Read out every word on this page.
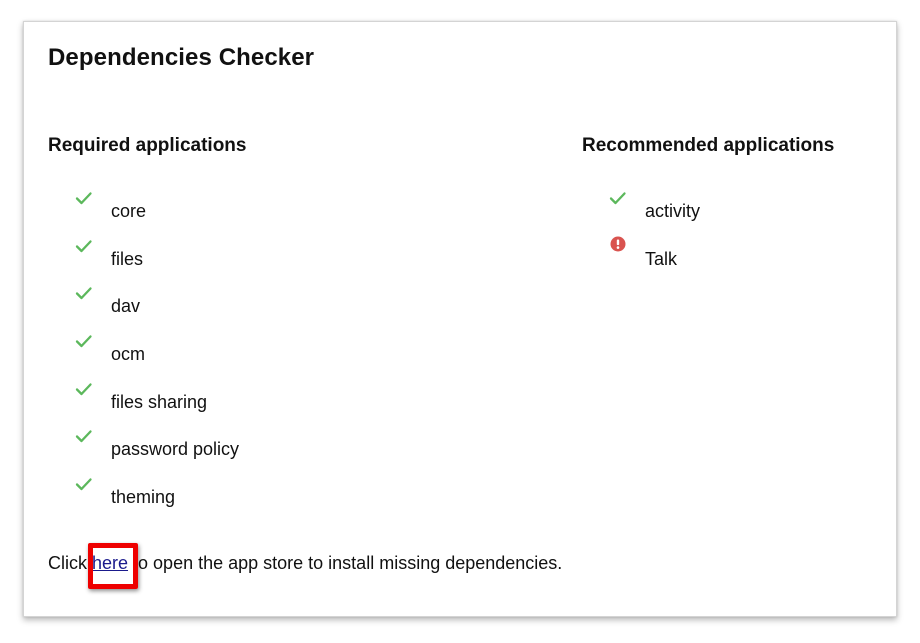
Dependencies Checker
Required applications	Recommended applications
core
files
dav
ocm
files sharing
password policy
theming
activity
Talk

Click here to open the app store to install missing dependencies.
